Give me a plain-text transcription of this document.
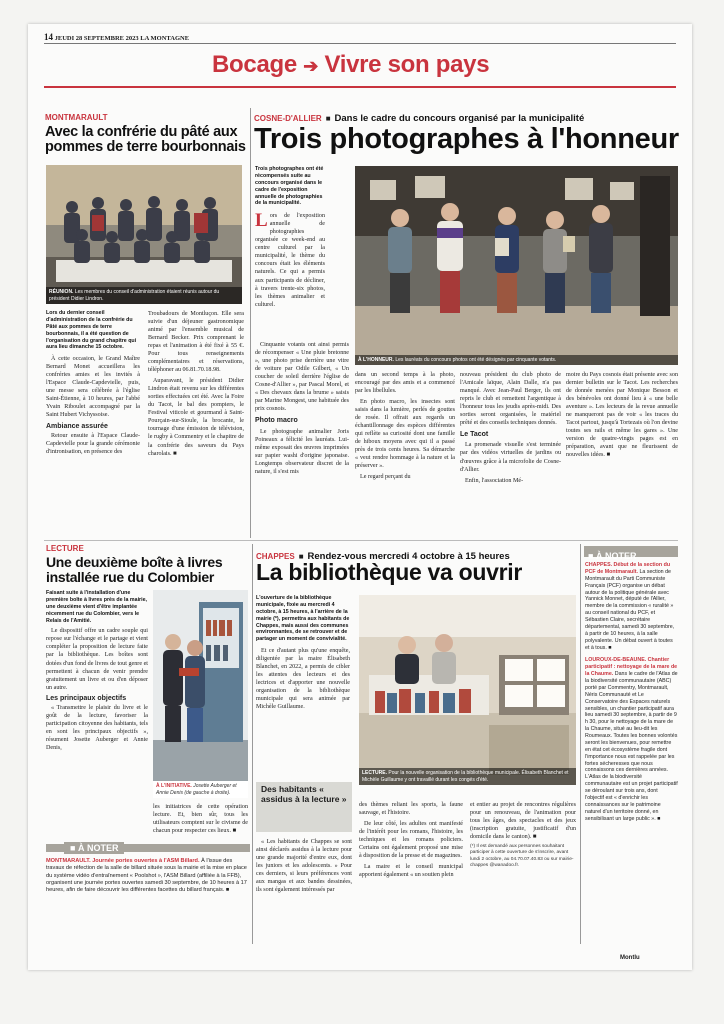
14 JEUDI 28 SEPTEMBRE 2023 LA MONTAGNE
Bocage ➔ Vivre son pays
MONTMARAULT
Avec la confrérie du pâté aux pommes de terre bourbonnais
RÉUNION. Les membres du conseil d'administration étaient réunis autour du président Didier Lindron.
Lors du dernier conseil d'administration de la confrérie du Pâté aux pommes de terre bourbonnais, il a été question de l'organisation du grand chapitre qui aura lieu dimanche 15 octobre.

À cette occasion, le Grand Maître Bernard Monet accueillera les confréries amies et les invités à l'Espace Claude-Capdevielle, puis, une messe sera célébrée à l'église Saint-Étienne, à 10 heures, par l'abbé Yvain Riboulet accompagné par la Saint Hubert Vichyssoise.

Ambiance assurée

Retour ensuite à l'Espace Claude-Capdevielle pour la grande cérémonie d'intronisation, en présence des

Troubadours de Montluçon. Elle sera suivie d'un déjeuner gastronomique animé par l'ensemble musical de Bernard Becker. Prix comprenant le repas et l'animation à été fixé à 55 €. Pour tous renseignements complémentaires et réservations, téléphoner au 06.81.70.18.98.

Auparavant, le président Didier Lindron était revenu sur les différentes sorties effectuées cet été. Avec la Foire du Tacot, le bal des pompiers, le Festival viticole et gourmand à Saint-Pourçain-sur-Sioule, la brocante, le tournage d'une émission de télévision, le rugby à Commentry et le chapitre de la confrérie des saveurs du Pays charolais. ■

COSNE-D'ALLIER ■ Dans le cadre du concours organisé par la municipalité
Trois photographes à l'honneur
Trois photographes ont été récompensés suite au concours organisé dans le cadre de l'exposition annuelle de photographies de la municipalité.
L ors de l'exposition annuelle de photographies organisée ce week-end au centre culturel par la municipalité, le thème du concours était les éléments naturels. Ce qui a permis aux participants de décliner, à travers trente-six photos, les thèmes animalier et culturel.
À L'HONNEUR. Les lauréats du concours photos ont été désignés par cinquante votants.

Cinquante votants ont ainsi permis de récompenser « Une pluie bretonne », une photo prise derrière une vitre de voiture par Odile Gilbert, « Un coucher de soleil derrière l'église de Cosne-d'Allier », par Pascal Morel, et « Des chevaux dans la brume » saisis par Marine Mongest, une habituée des prix cosnois.

Photo macro

Le photographe animalier Joris Poineaux a félicité les lauréats. Lui-même exposait des œuvres imprimées sur papier washi d'origine japonaise. Longtemps observateur discret de la nature, il s'est mis

dans un second temps à la photo, encouragé par des amis et a commencé par les libellules.

En photo macro, les insectes sont saisis dans la lumière, perlés de gouttes de rosée. Il offrait aux regards un échantillonnage des espèces différentes qui reflète sa curiosité dont une famille de hiboux moyens avec qui il a passé près de trois cents heures. Sa démarche « veut rendre hommage à la nature et la préserver ».

Le regard perçant du

nouveau président du club photo de l'Amicale laïque, Alain Dalle, n'a pas manqué. Avec Jean-Paul Berger, ils ont repris le club et remettent l'argentique à l'honneur tous les jeudis après-midi. Des sorties seront organisées, le matériel prêté et des conseils techniques donnés.

Le Tacot

La promenade visuelle s'est terminée par des vidéos virtuelles de jardins ou d'œuvres grâce à la microfolie de Cosne-d'Allier.

Enfin, l'association Mé-

moire du Pays cosnois était présente avec son dernier bulletin sur le Tacot. Les recherches de donnée menées par Monique Besson et des bénévoles ont donné lieu à « une belle aventure ». Les lecteurs de la revue annuelle ne manqueront pas de voir « les traces du Tacot partout, jusqu'à Tortezais où l'on devine toutes ses rails et même les gares ». Une version de quatre-vingts pages est en préparation, avant que ne fleurissent de nouvelles idées. ■

LECTURE
Une deuxième boîte à livres installée rue du Colombier
Faisant suite à l'installation d'une première boîte à livres près de la mairie, une deuxième vient d'être implantée récemment rue du Colombier, vers le Relais de l'Amitié.

Le dispositif offre un cadre souple qui repose sur l'échange et le partage et vient compléter la proposition de lecture faite par la bibliothèque. Les boîtes sont dotées d'un fond de livres de tout genre et permettent à chacun de venir prendre gratuitement un livre et ou d'en déposer un autre.

Les principaux objectifs

« Transmettre le plaisir du livre et le goût de la lecture, favoriser la participation citoyenne des habitants, tels en sont les principaux objectifs », résument Josette Auberger et Annie Denis,

À L'INITIATIVE. Josette Auberger et Annie Denis (de gauche à droite).

les initiatrices de cette opération lecture. Et, bien sûr, tous les utilisateurs comptent sur le civisme de chacun pour respecter ces lieux. ■

■ À NOTER
MONTMARAULT. Journée portes ouvertes à l'ASM Billard. À l'issue des travaux de réfection de la salle de billard située sous la mairie et la mise en place du système vidéo d'entraînement « Poolshot », l'ASM Billard (affiliée à la FFB), organisent une journée portes ouvertes samedi 30 septembre, de 10 heures à 17 heures, afin de faire découvrir les différentes facettes du billard français. ■
CHAPPES ■ Rendez-vous mercredi 4 octobre à 15 heures
La bibliothèque va ouvrir
L'ouverture de la bibliothèque municipale, fixée au mercredi 4 octobre, à 15 heures, à l'arrière de la mairie (*), permettra aux habitants de Chappes, mais aussi des communes environnantes, de se retrouver et de partager un moment de convivialité.

Et ce d'autant plus qu'une enquête, diligentée par la maire Élisabeth Blanchet, en 2022, a permis de cibler les attentes des lecteurs et des lectrices et d'apporter une nouvelle organisation de la bibliothèque municipale qui sera animée par Michèle Guillaume.

Des habitants « assidus à la lecture »

« Les habitants de Chappes se sont ainsi déclarés assidus à la lecture pour une grande majorité d'entre eux, dont les juniors et les adolescents. » Pour ces derniers, si leurs préférences vont aux mangas et aux bandes dessinées, ils sont également intéressés par

LECTURE. Pour la nouvelle organisation de la bibliothèque municipale. Élisabeth Blanchet et Michèle Guillaume y ont travaillé durant les congés d'été.

des thèmes reliant les sports, la faune sauvage, et l'histoire.

De leur côté, les adultes ont manifesté de l'intérêt pour les romans, l'histoire, les techniques et les romans policiers. Certains ont également proposé une mise à disposition de la presse et de magazines.

La maire et le conseil municipal apportent également « un soutien plein

et entier au projet de rencontres régulières pour un renouveau, de l'animation pour tous les âges, des spectacles et des jeux (inscription gratuite, justificatif d'un domicile dans le canton). ■

(*) Il est demandé aux personnes souhaitant participer à cette ouverture de s'inscrire, avant lundi 2 octobre, au 04.70.07.40.83 ou sur mairie-chappes @wanadoo.fr.
■ À NOTER
CHAPPES. Début de la section du PCF de Montmarault. La section de Montmarault du Parti Communiste Français (PCF) organise un débat autour de la politique générale avec Yannick Monnet, député de l'Allier, membre de la commission « ruralité » au conseil national du PCF, et Sébastien Claire, secrétaire départemental, samedi 30 septembre, à partir de 10 heures, à la salle polyvalente. Un débat ouvert à toutes et à tous. ■
LOUROUX-DE-BEAUNE. Chantier participatif : nettoyage de la mare de la Chaume. Dans le cadre de l'Atlas de la biodiversité communautaire (ABC) porté par Commentry, Montmarault, Néris Communauté et Le Conservatoire des Espaces naturels sensibles, un chantier participatif aura lieu samedi 30 septembre, à partir de 9 h 30, pour le nettoyage de la mare de la Chaume, situé au lieu-dit les Roumeaux. Toutes les bonnes volontés seront les bienvenues, pour remettre en état cet écosystème fragile dont l'importance nous est rappelée par les fortes sécheresses que nous connaissons ces dernières années. L'Atlas de la biodiversité communautaire est un projet participatif se déroulant sur trois ans, dont l'objectif est « d'enrichir les connaissances sur le patrimoine naturel d'un territoire donné, en sensibilisant un large public ». ■
Montlu
